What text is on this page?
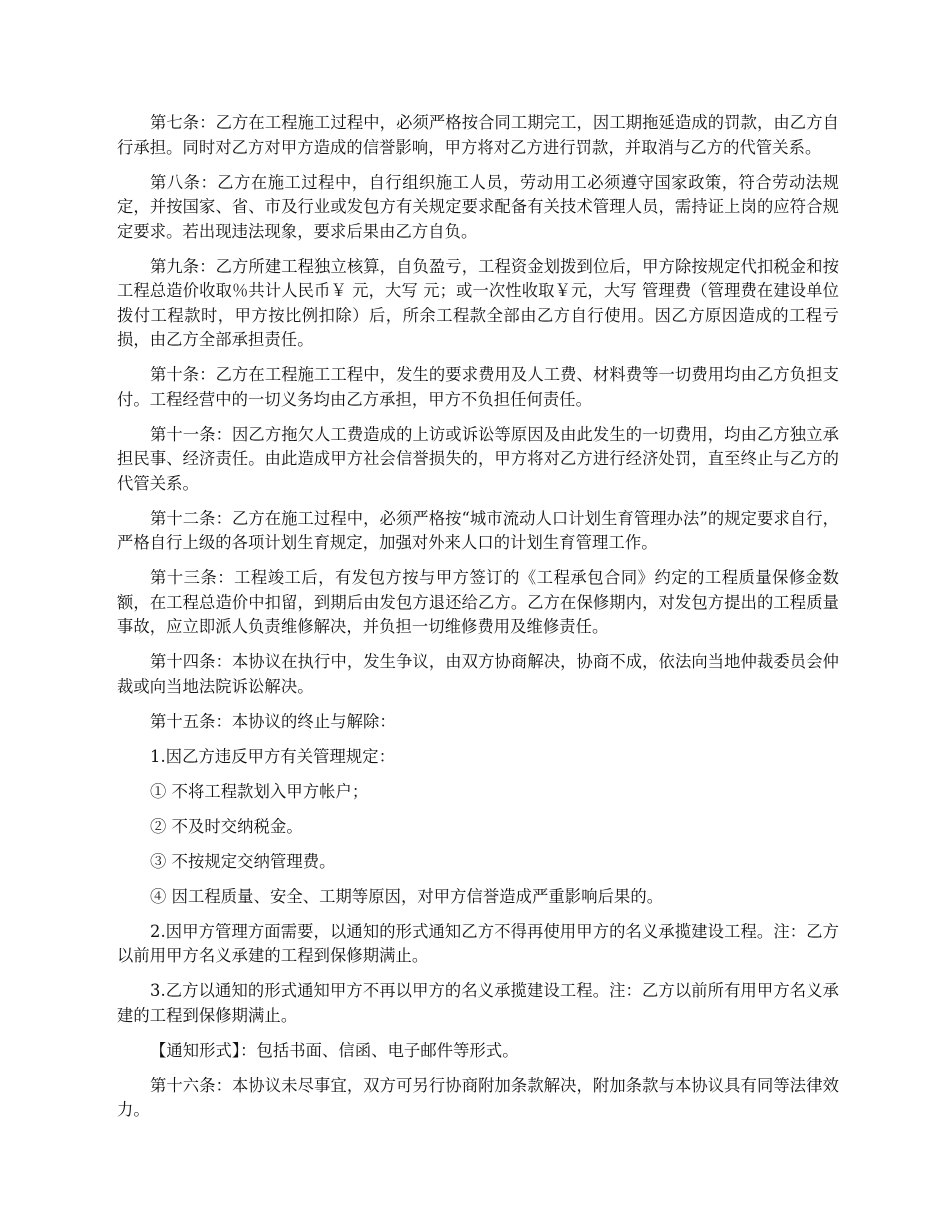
第七条：乙方在工程施工过程中，必须严格按合同工期完工，因工期拖延造成的罚款，由乙方自行承担。同时对乙方对甲方造成的信誉影响，甲方将对乙方进行罚款，并取消与乙方的代管关系。

第八条：乙方在施工过程中，自行组织施工人员，劳动用工必须遵守国家政策，符合劳动法规定，并按国家、省、市及行业或发包方有关规定要求配备有关技术管理人员，需持证上岗的应符合规定要求。若出现违法现象，要求后果由乙方自负。

第九条：乙方所建工程独立核算，自负盈亏，工程资金划拨到位后，甲方除按规定代扣税金和按工程总造价收取％共计人民币￥ 元，大写 元；或一次性收取￥元，大写 管理费（管理费在建设单位拨付工程款时，甲方按比例扣除）后，所余工程款全部由乙方自行使用。因乙方原因造成的工程亏损，由乙方全部承担责任。

第十条：乙方在工程施工工程中，发生的要求费用及人工费、材料费等一切费用均由乙方负担支付。工程经营中的一切义务均由乙方承担，甲方不负担任何责任。

第十一条：因乙方拖欠人工费造成的上访或诉讼等原因及由此发生的一切费用，均由乙方独立承担民事、经济责任。由此造成甲方社会信誉损失的，甲方将对乙方进行经济处罚，直至终止与乙方的代管关系。

第十二条：乙方在施工过程中，必须严格按“城市流动人口计划生育管理办法”的规定要求自行，严格自行上级的各项计划生育规定，加强对外来人口的计划生育管理工作。

第十三条：工程竣工后，有发包方按与甲方签订的《工程承包合同》约定的工程质量保修金数额，在工程总造价中扣留，到期后由发包方退还给乙方。乙方在保修期内，对发包方提出的工程质量事故，应立即派人负责维修解决，并负担一切维修费用及维修责任。

第十四条：本协议在执行中，发生争议，由双方协商解决，协商不成，依法向当地仲裁委员会仲裁或向当地法院诉讼解决。

第十五条：本协议的终止与解除：

1.因乙方违反甲方有关管理规定：

① 不将工程款划入甲方帐户；

② 不及时交纳税金。

③ 不按规定交纳管理费。

④ 因工程质量、安全、工期等原因，对甲方信誉造成严重影响后果的。

2.因甲方管理方面需要，以通知的形式通知乙方不得再使用甲方的名义承揽建设工程。注：乙方以前用甲方名义承建的工程到保修期满止。

3.乙方以通知的形式通知甲方不再以甲方的名义承揽建设工程。注：乙方以前所有用甲方名义承建的工程到保修期满止。

【通知形式】：包括书面、信函、电子邮件等形式。

第十六条：本协议未尽事宜，双方可另行协商附加条款解决，附加条款与本协议具有同等法律效力。
